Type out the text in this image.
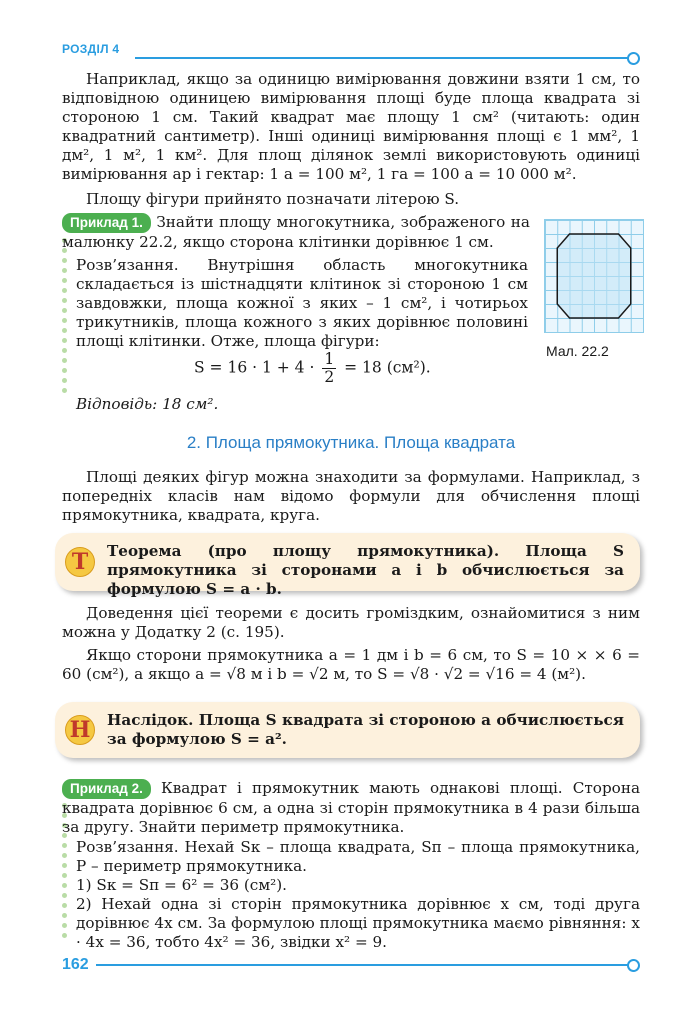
РОЗДІЛ 4

Наприклад, якщо за одиницю вимірювання довжини взяти 1 см, то відповідною одиницею вимірювання площі буде площа квадрата зі стороною 1 см. Такий квадрат має площу 1 см² (читають: один квадратний сантиметр). Інші одиниці вимірювання площі є 1 мм², 1 дм², 1 м², 1 км². Для площ ділянок землі використовують одиниці вимірювання ар і гектар: 1 а = 100 м², 1 га = 100 а = 10 000 м².

Площу фігури прийнято позначати літерою S.

Приклад 1. Знайти площу многокутника, зображеного на малюнку 22.2, якщо сторона клітинки дорівнює 1 см.
Розв’язання. Внутрішня область многокутника складається із шістнадцяти клітинок зі стороною 1 см завдовжки, площа кожної з яких – 1 см², і чотирьох трикутників, площа кожного з яких дорівнює половині площі клітинки. Отже, площа фігури:
$S = 16 \cdot 1 + 4 \cdot \frac{1}{2} = 18$ (см²).
Відповідь: 18 см².
Мал. 22.2
2. Площа прямокутника. Площа квадрата
Площі деяких фігур можна знаходити за формулами. Наприклад, з попередніх класів нам відомо формули для обчислення площі прямокутника, квадрата, круга.
T	Теорема (про площу прямокутника). Площа S прямокутника зі сторонами a і b обчислюється за формулою S = a · b.

Доведення цієї теореми є досить громіздким, ознайомитися з ним можна у Додатку 2 (с. 195).

Якщо сторони прямокутника a = 1 дм і b = 6 см, то S = 10 × × 6 = 60 (см²), а якщо a = √8 м і b = √2 м, то S = √8 · √2 = √16 = 4 (м²).

Н	Наслідок. Площа S квадрата зі стороною a обчислюється за формулою S = a².
Приклад 2. Квадрат і прямокутник мають однакові площі. Сторона квадрата дорівнює 6 см, а одна зі сторін прямокутника в 4 рази більша за другу. Знайти периметр прямокутника.
Розв’язання. Нехай Sк – площа квадрата, Sп – площа прямокутника, P – периметр прямокутника.
1) Sк = Sп = 6² = 36 (см²).
2) Нехай одна зі сторін прямокутника дорівнює x см, тоді друга дорівнює 4x см. За формулою площі прямокутника маємо рівняння: x · 4x = 36, тобто 4x² = 36, звідки x² = 9.
162
